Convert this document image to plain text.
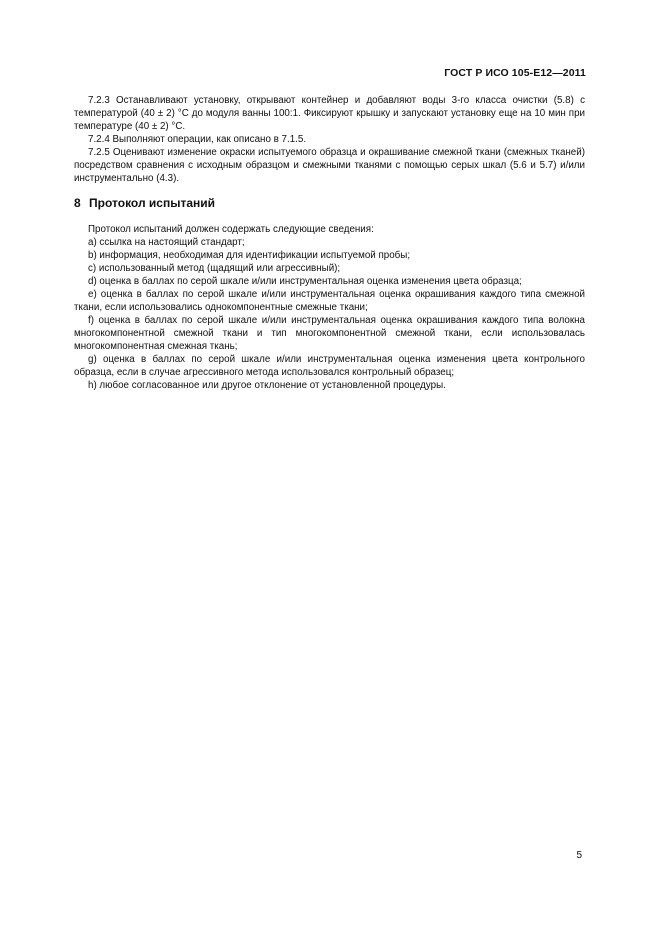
ГОСТ Р ИСО 105-Е12—2011

7.2.3 Останавливают установку, открывают контейнер и добавляют воды 3-го класса очистки (5.8) с температурой (40 ± 2) °С до модуля ванны 100:1. Фиксируют крышку и запускают установку еще на 10 мин при температуре (40 ± 2) °С.

7.2.4 Выполняют операции, как описано в 7.1.5.

7.2.5 Оценивают изменение окраски испытуемого образца и окрашивание смежной ткани (смежных тканей) посредством сравнения с исходным образцом и смежными тканями с помощью серых шкал (5.6 и 5.7) и/или инструментально (4.3).

8 Протокол испытаний

Протокол испытаний должен содержать следующие сведения:

а) ссылка на настоящий стандарт;

b) информация, необходимая для идентификации испытуемой пробы;

с) использованный метод (щадящий или агрессивный);

d) оценка в баллах по серой шкале и/или инструментальная оценка изменения цвета образца;

е) оценка в баллах по серой шкале и/или инструментальная оценка окрашивания каждого типа смежной ткани, если использовались однокомпонентные смежные ткани;

f) оценка в баллах по серой шкале и/или инструментальная оценка окрашивания каждого типа волокна многокомпонентной смежной ткани и тип многокомпонентной смежной ткани, если использовалась многокомпонентная смежная ткань;

g) оценка в баллах по серой шкале и/или инструментальная оценка изменения цвета контрольного образца, если в случае агрессивного метода использовался контрольный образец;

h) любое согласованное или другое отклонение от установленной процедуры.

5
